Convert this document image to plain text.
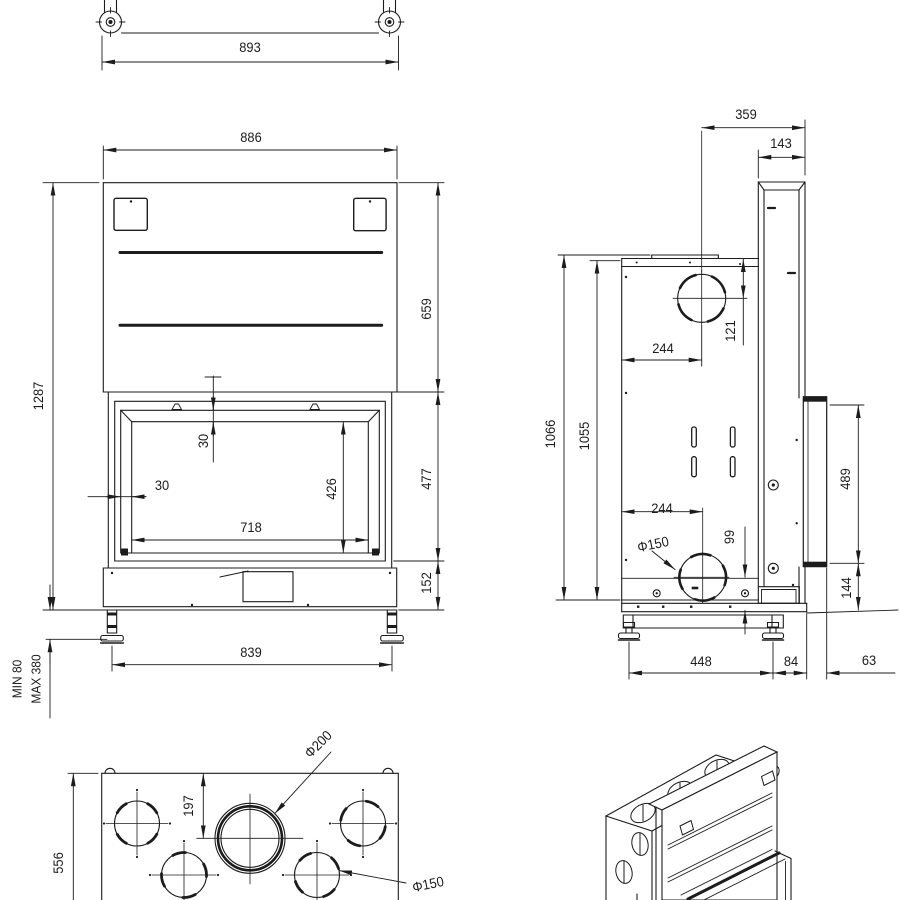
893
886
1287
659
477
152
30
30	426
718
839
MIN 80 MAX 380
359
143
244
121
1066 1055
244
Φ150	99
489
144
448	84	63
556
197
Φ200
Φ150
